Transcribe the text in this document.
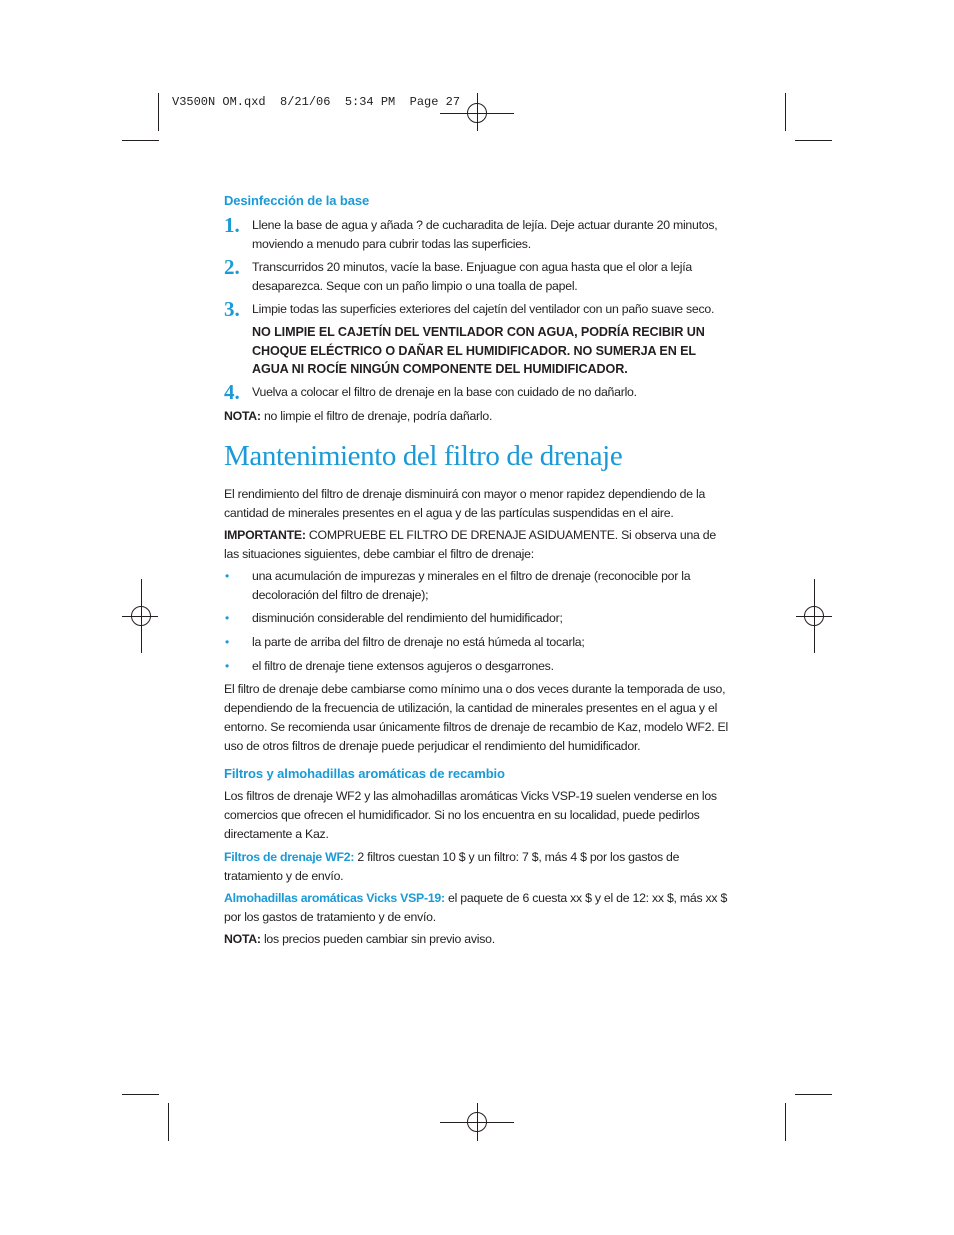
V3500N OM.qxd  8/21/06  5:34 PM  Page 27
Desinfección de la base
1. Llene la base de agua y añada ? de cucharadita de lejía. Deje actuar durante 20 minutos, moviendo a menudo para cubrir todas las superficies.

2. Transcurridos 20 minutos, vacíe la base. Enjuague con agua hasta que el olor a lejía desaparezca. Seque con un paño limpio o una toalla de papel.

3. Limpie todas las superficies exteriores del cajetín del ventilador con un paño suave seco.

NO LIMPIE EL CAJETÍN DEL VENTILADOR CON AGUA, PODRÍA RECIBIR UN CHOQUE ELÉCTRICO O DAÑAR EL HUMIDIFICADOR. NO SUMERJA EN EL AGUA NI ROCÍE NINGÚN COMPONENTE DEL HUMIDIFICADOR.
4. Vuelva a colocar el filtro de drenaje en la base con cuidado de no dañarlo.

NOTA: no limpie el filtro de drenaje, podría dañarlo.

Mantenimiento del filtro de drenaje

El rendimiento del filtro de drenaje disminuirá con mayor o menor rapidez dependiendo de la cantidad de minerales presentes en el agua y de las partículas suspendidas en el aire.

IMPORTANTE: COMPRUEBE EL FILTRO DE DRENAJE ASIDUAMENTE. Si observa una de las situaciones siguientes, debe cambiar el filtro de drenaje:

• una acumulación de impurezas y minerales en el filtro de drenaje (reconocible por la decoloración del filtro de drenaje);

• disminución considerable del rendimiento del humidificador;

• la parte de arriba del filtro de drenaje no está húmeda al tocarla;

• el filtro de drenaje tiene extensos agujeros o desgarrones.

El filtro de drenaje debe cambiarse como mínimo una o dos veces durante la temporada de uso, dependiendo de la frecuencia de utilización, la cantidad de minerales presentes en el agua y el entorno. Se recomienda usar únicamente filtros de drenaje de recambio de Kaz, modelo WF2. El uso de otros filtros de drenaje puede perjudicar el rendimiento del humidificador.

Filtros y almohadillas aromáticas de recambio

Los filtros de drenaje WF2 y las almohadillas aromáticas Vicks VSP-19 suelen venderse en los comercios que ofrecen el humidificador. Si no los encuentra en su localidad, puede pedirlos directamente a Kaz.

Filtros de drenaje WF2: 2 filtros cuestan 10 $ y un filtro: 7 $, más 4 $ por los gastos de tratamiento y de envío.

Almohadillas aromáticas Vicks VSP-19: el paquete de 6 cuesta xx $ y el de 12: xx $, más xx $ por los gastos de tratamiento y de envío.

NOTA: los precios pueden cambiar sin previo aviso.
